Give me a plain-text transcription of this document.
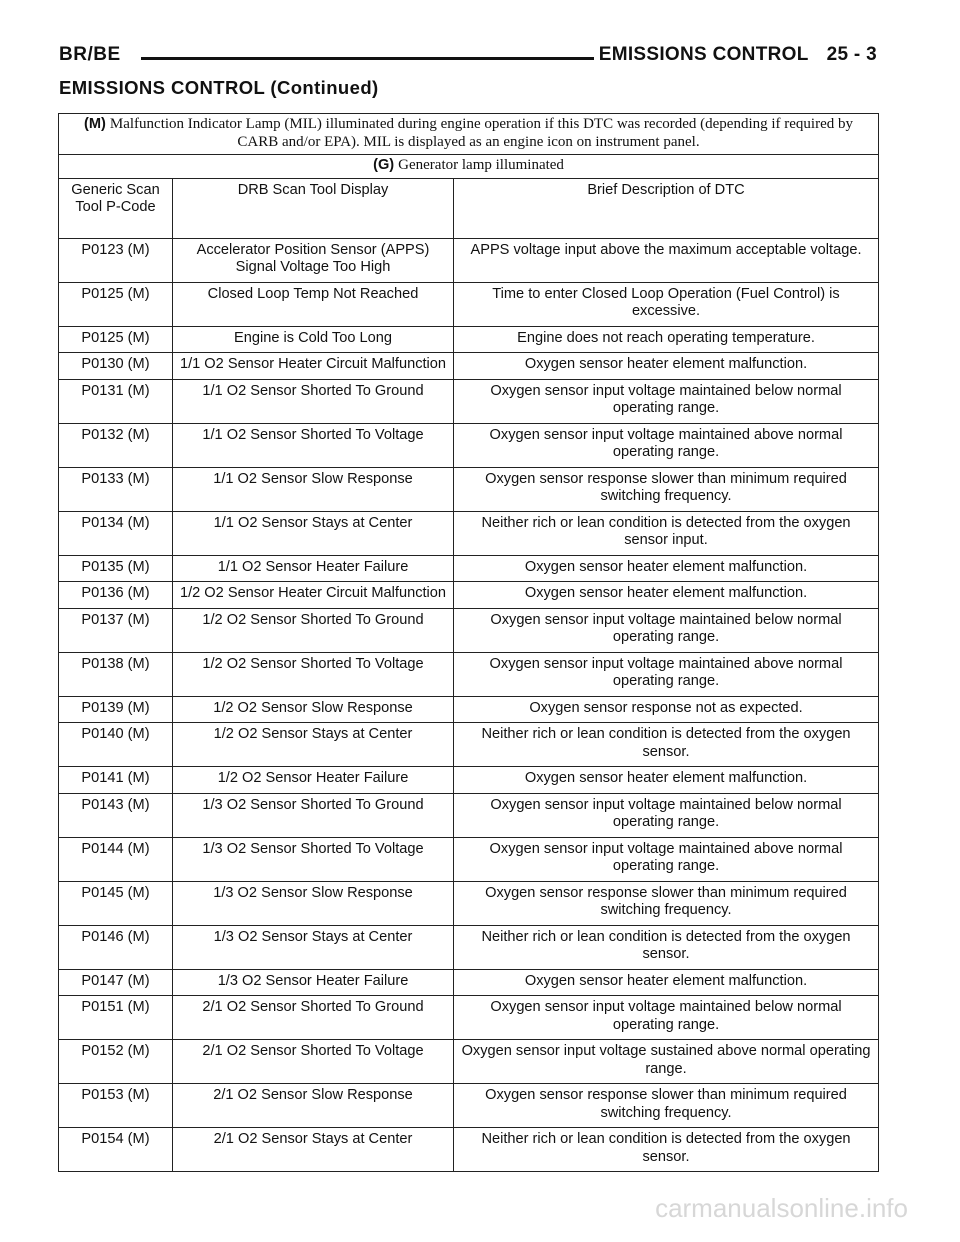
BR/BE	EMISSIONS CONTROL 25 - 3
EMISSIONS CONTROL (Continued)
(M) Malfunction Indicator Lamp (MIL) illuminated during engine operation if this DTC was recorded (depending if required by CARB and/or EPA). MIL is displayed as an engine icon on instrument panel.		
(G) Generator lamp illuminated		
Generic Scan Tool P-Code	DRB Scan Tool Display	Brief Description of DTC
P0123 (M)	Accelerator Position Sensor (APPS) Signal Voltage Too High	APPS voltage input above the maximum acceptable voltage.
P0125 (M)	Closed Loop Temp Not Reached	Time to enter Closed Loop Operation (Fuel Control) is excessive.
P0125 (M)	Engine is Cold Too Long	Engine does not reach operating temperature.
P0130 (M)	1/1 O2 Sensor Heater Circuit Malfunction	Oxygen sensor heater element malfunction.
P0131 (M)	1/1 O2 Sensor Shorted To Ground	Oxygen sensor input voltage maintained below normal operating range.
P0132 (M)	1/1 O2 Sensor Shorted To Voltage	Oxygen sensor input voltage maintained above normal operating range.
P0133 (M)	1/1 O2 Sensor Slow Response	Oxygen sensor response slower than minimum required switching frequency.
P0134 (M)	1/1 O2 Sensor Stays at Center	Neither rich or lean condition is detected from the oxygen sensor input.
P0135 (M)	1/1 O2 Sensor Heater Failure	Oxygen sensor heater element malfunction.
P0136 (M)	1/2 O2 Sensor Heater Circuit Malfunction	Oxygen sensor heater element malfunction.
P0137 (M)	1/2 O2 Sensor Shorted To Ground	Oxygen sensor input voltage maintained below normal operating range.
P0138 (M)	1/2 O2 Sensor Shorted To Voltage	Oxygen sensor input voltage maintained above normal operating range.
P0139 (M)	1/2 O2 Sensor Slow Response	Oxygen sensor response not as expected.
P0140 (M)	1/2 O2 Sensor Stays at Center	Neither rich or lean condition is detected from the oxygen sensor.
P0141 (M)	1/2 O2 Sensor Heater Failure	Oxygen sensor heater element malfunction.
P0143 (M)	1/3 O2 Sensor Shorted To Ground	Oxygen sensor input voltage maintained below normal operating range.
P0144 (M)	1/3 O2 Sensor Shorted To Voltage	Oxygen sensor input voltage maintained above normal operating range.
P0145 (M)	1/3 O2 Sensor Slow Response	Oxygen sensor response slower than minimum required switching frequency.
P0146 (M)	1/3 O2 Sensor Stays at Center	Neither rich or lean condition is detected from the oxygen sensor.
P0147 (M)	1/3 O2 Sensor Heater Failure	Oxygen sensor heater element malfunction.
P0151 (M)	2/1 O2 Sensor Shorted To Ground	Oxygen sensor input voltage maintained below normal operating range.
P0152 (M)	2/1 O2 Sensor Shorted To Voltage	Oxygen sensor input voltage sustained above normal operating range.
P0153 (M)	2/1 O2 Sensor Slow Response	Oxygen sensor response slower than minimum required switching frequency.
P0154 (M)	2/1 O2 Sensor Stays at Center	Neither rich or lean condition is detected from the oxygen sensor.
carmanualsonline.info
